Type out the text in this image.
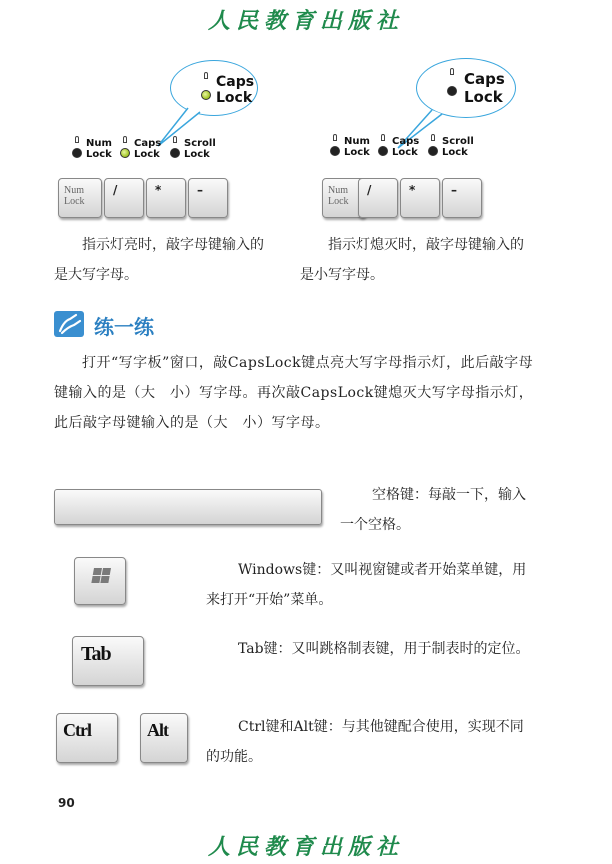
人民教育出版社
Caps
Lock
Num
Lock
Caps
Lock
Scroll
Lock
Num
Lock
/	*	–
Caps
Lock
Num
Lock
Caps
Lock
Scroll
Lock
Num
Lock
/	*	–
指示灯亮时，敲字母键输入的是大写字母。
指示灯熄灭时，敲字母键输入的是小写字母。
练一练
打开“写字板”窗口，敲CapsLock键点亮大写字母指示灯，此后敲字母键输入的是（大　小）写字母。再次敲CapsLock键熄灭大写字母指示灯，此后敲字母键输入的是（大　小）写字母。
空格键：每敲一下，输入一个空格。
Windows键：又叫视窗键或者开始菜单键，用来打开“开始”菜单。
Tab	Tab键：又叫跳格制表键，用于制表时的定位。
Ctrl	Alt	Ctrl键和Alt键：与其他键配合使用，实现不同的功能。
90
人民教育出版社
